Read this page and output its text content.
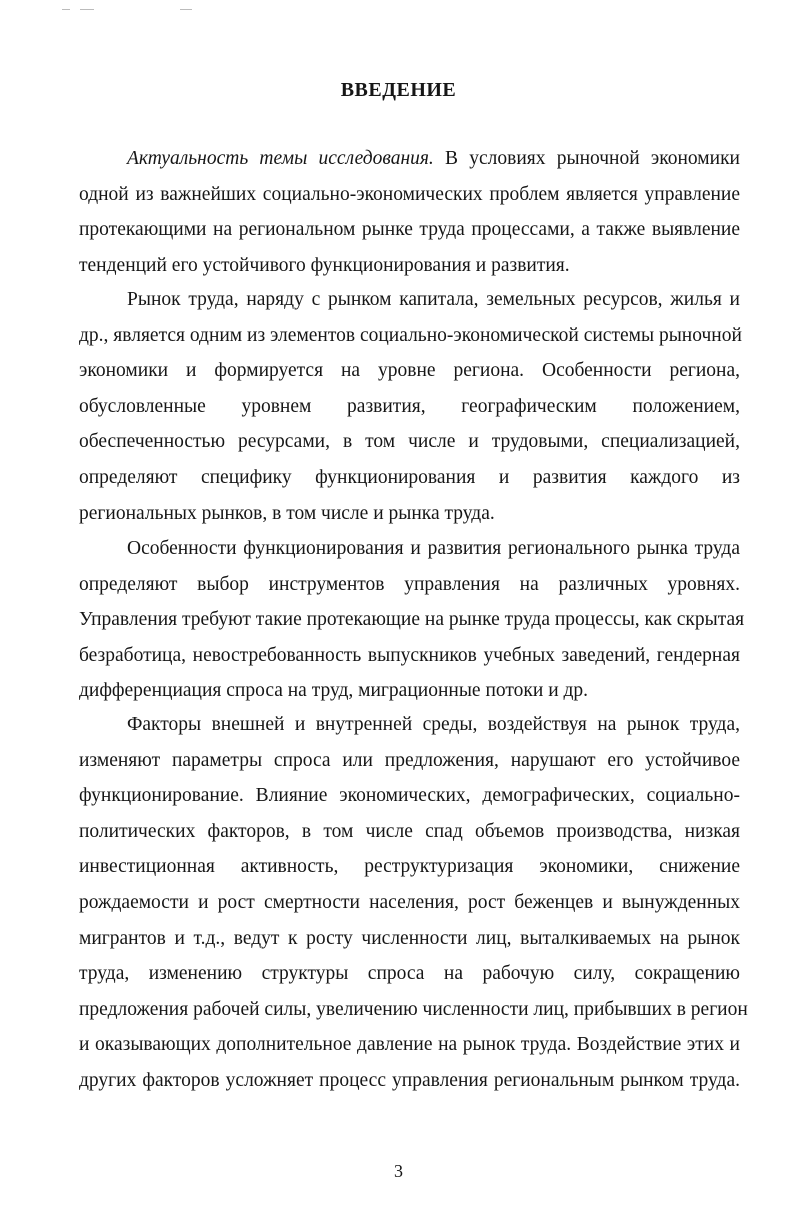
ВВЕДЕНИЕ
Актуальность темы исследования. В условиях рыночной экономики
одной из важнейших социально-экономических проблем является управление
протекающими на региональном рынке труда процессами, а также выявление
тенденций его устойчивого функционирования и развития.
Рынок труда, наряду с рынком капитала, земельных ресурсов, жилья и
др., является одним из элементов социально-экономической системы рыночной
экономики и формируется на уровне региона. Особенности региона,
обусловленные уровнем развития, географическим положением,
обеспеченностью ресурсами, в том числе и трудовыми, специализацией,
определяют специфику функционирования и развития каждого из
региональных рынков, в том числе и рынка труда.
Особенности функционирования и развития регионального рынка труда
определяют выбор инструментов управления на различных уровнях.
Управления требуют такие протекающие на рынке труда процессы, как скрытая
безработица, невостребованность выпускников учебных заведений, гендерная
дифференциация спроса на труд, миграционные потоки и др.
Факторы внешней и внутренней среды, воздействуя на рынок труда,
изменяют параметры спроса или предложения, нарушают его устойчивое
функционирование. Влияние экономических, демографических, социально-
политических факторов, в том числе спад объемов производства, низкая
инвестиционная активность, реструктуризация экономики, снижение
рождаемости и рост смертности населения, рост беженцев и вынужденных
мигрантов и т.д., ведут к росту численности лиц, выталкиваемых на рынок
труда, изменению структуры спроса на рабочую силу, сокращению
предложения рабочей силы, увеличению численности лиц, прибывших в регион
и оказывающих дополнительное давление на рынок труда. Воздействие этих и
других факторов усложняет процесс управления региональным рынком труда.
3
